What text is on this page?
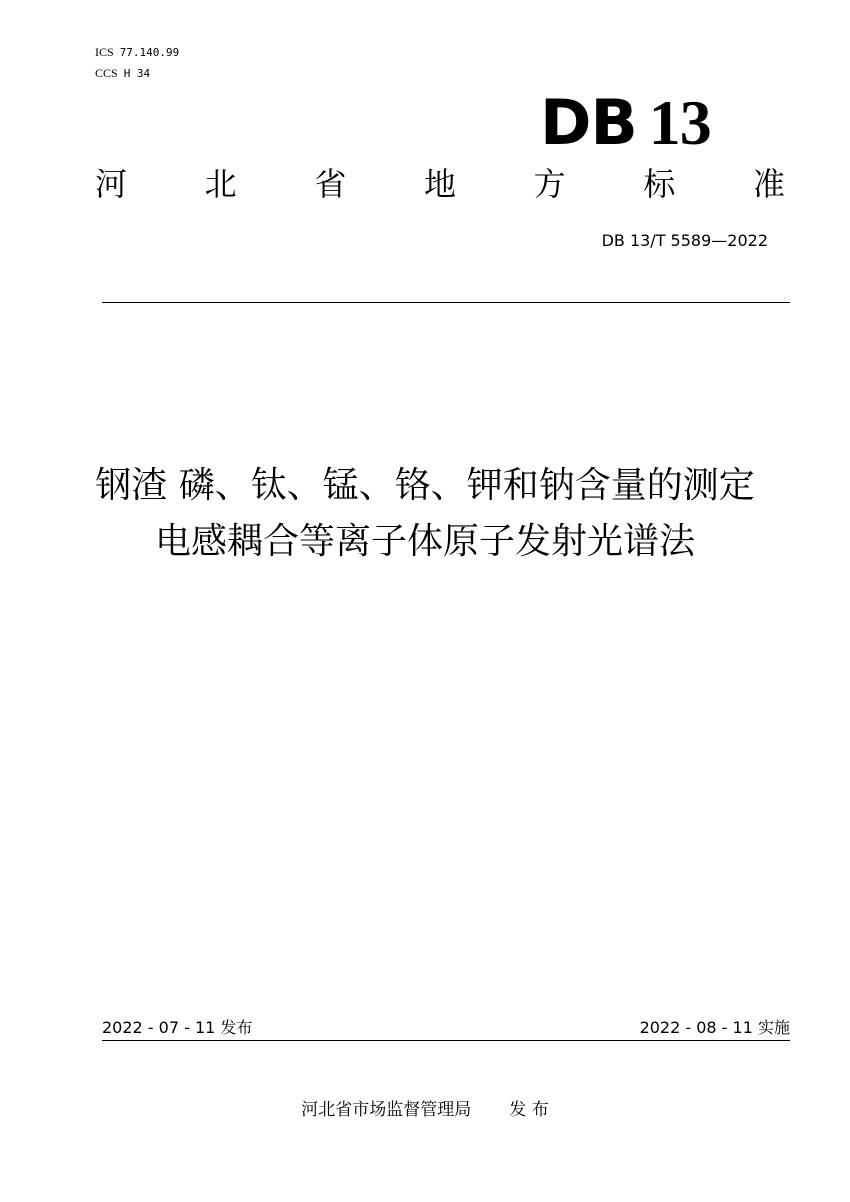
ICS 77.140.99
CCS H 34
DB 13
河 北 省 地 方 标 准
DB 13/T 5589—2022
钢渣 磷、钛、锰、铬、钾和钠含量的测定
电感耦合等离子体原子发射光谱法
2022 - 07 - 11 发布	2022 - 08 - 11 实施
河北省市场监督管理局 发 布
